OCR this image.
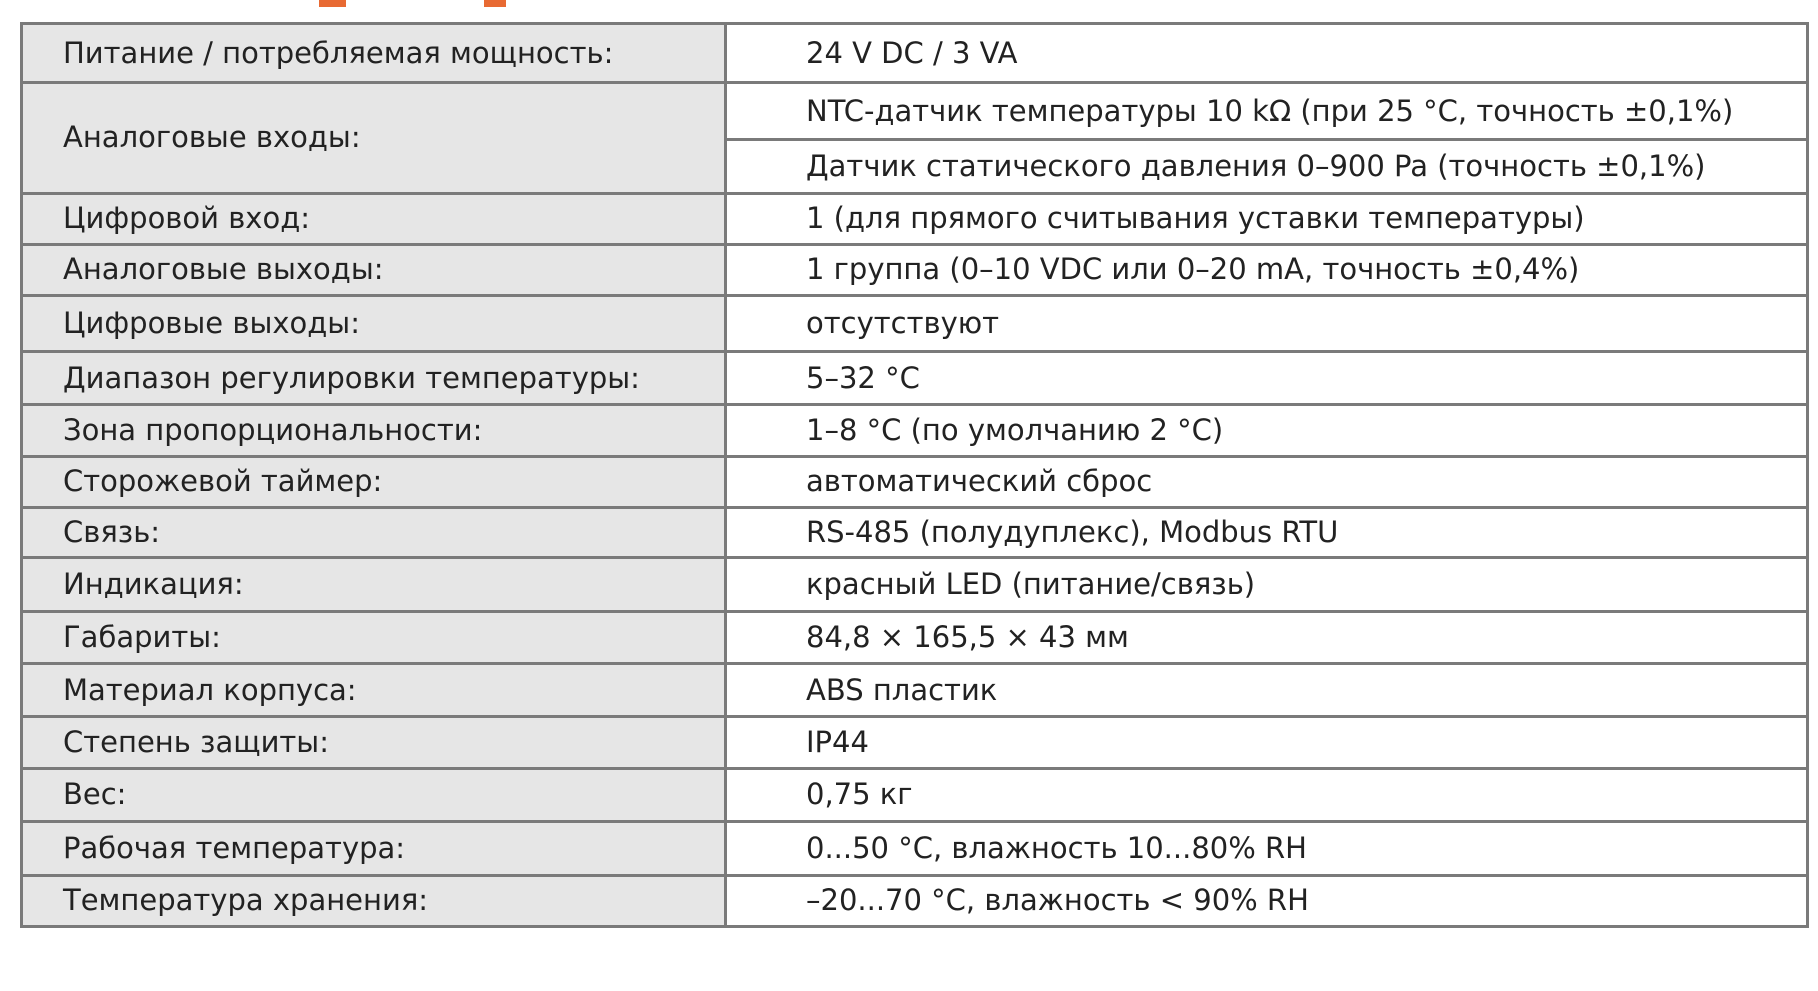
Питание / потребляемая мощность:	24 V DC / 3 VA
Аналоговые входы:	NTC-датчик температуры 10 kΩ (при 25 °C, точность ±0,1%)
	Датчик статического давления 0–900 Pa (точность ±0,1%)
Цифровой вход:	1 (для прямого считывания уставки температуры)
Аналоговые выходы:	1 группа (0–10 VDC или 0–20 mA, точность ±0,4%)
Цифровые выходы:	отсутствуют
Диапазон регулировки температуры:	5–32 °C
Зона пропорциональности:	1–8 °C (по умолчанию 2 °C)
Сторожевой таймер:	автоматический сброс
Связь:	RS-485 (полудуплекс), Modbus RTU
Индикация:	красный LED (питание/связь)
Габариты:	84,8 × 165,5 × 43 мм
Материал корпуса:	ABS пластик
Степень защиты:	IP44
Вес:	0,75 кг
Рабочая температура:	0...50 °C, влажность 10...80% RH
Температура хранения:	–20...70 °C, влажность < 90% RH
